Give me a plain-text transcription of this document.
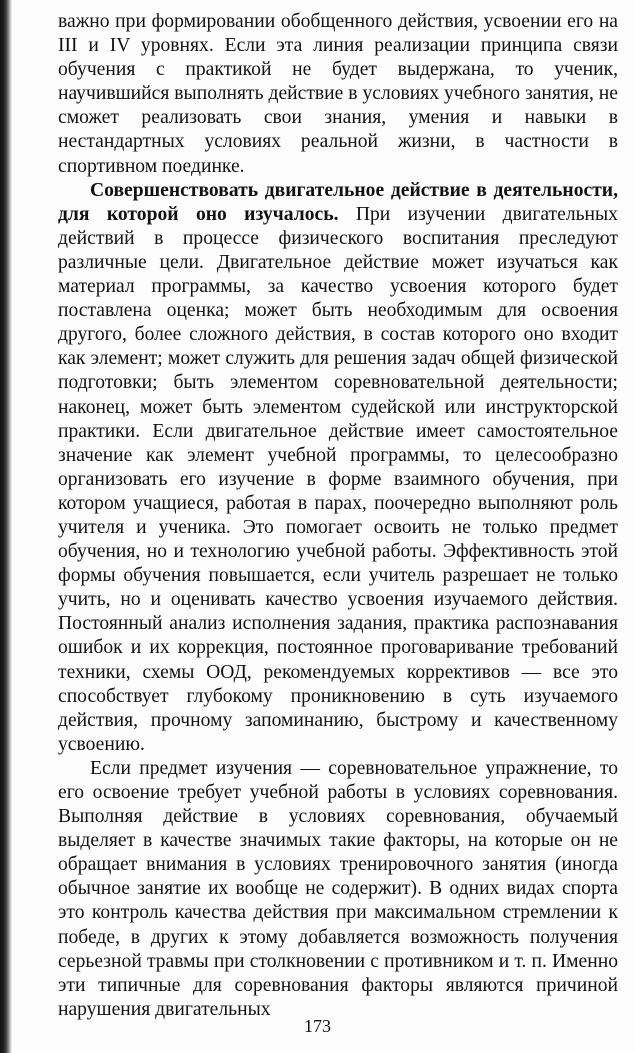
важно при формировании обобщенного действия, усвоении его на III и IV уровнях. Если эта линия реализации принципа связи обучения с практикой не будет выдержана, то ученик, научившийся выполнять действие в условиях учебного занятия, не сможет реализовать свои знания, умения и навыки в нестандартных условиях реальной жизни, в частности в спортивном поединке.

Совершенствовать двигательное действие в деятельности, для которой оно изучалось. При изучении двигательных действий в процессе физического воспитания преследуют различные цели. Двигательное действие может изучаться как материал программы, за качество усвоения которого будет поставлена оценка; может быть необходимым для освоения другого, более сложного действия, в состав которого оно входит как элемент; может служить для решения задач общей физической подготовки; быть элементом соревновательной деятельности; наконец, может быть элементом судейской или инструкторской практики. Если двигательное действие имеет самостоятельное значение как элемент учебной программы, то целесообразно организовать его изучение в форме взаимного обучения, при котором учащиеся, работая в парах, поочередно выполняют роль учителя и ученика. Это помогает освоить не только предмет обучения, но и технологию учебной работы. Эффективность этой формы обучения повышается, если учитель разрешает не только учить, но и оценивать качество усвоения изучаемого действия. Постоянный анализ исполнения задания, практика распознавания ошибок и их коррекция, постоянное проговаривание требований техники, схемы ООД, рекомендуемых коррективов — все это способствует глубокому проникновению в суть изучаемого действия, прочному запоминанию, быстрому и качественному усвоению.

Если предмет изучения — соревновательное упражнение, то его освоение требует учебной работы в условиях соревнования. Выполняя действие в условиях соревнования, обучаемый выделяет в качестве значимых такие факторы, на которые он не обращает внимания в условиях тренировочного занятия (иногда обычное занятие их вообще не содержит). В одних видах спорта это контроль качества действия при максимальном стремлении к победе, в других к этому добавляется возможность получения серьезной травмы при столкновении с противником и т. п. Именно эти типичные для соревнования факторы являются причиной нарушения двигательных

173
